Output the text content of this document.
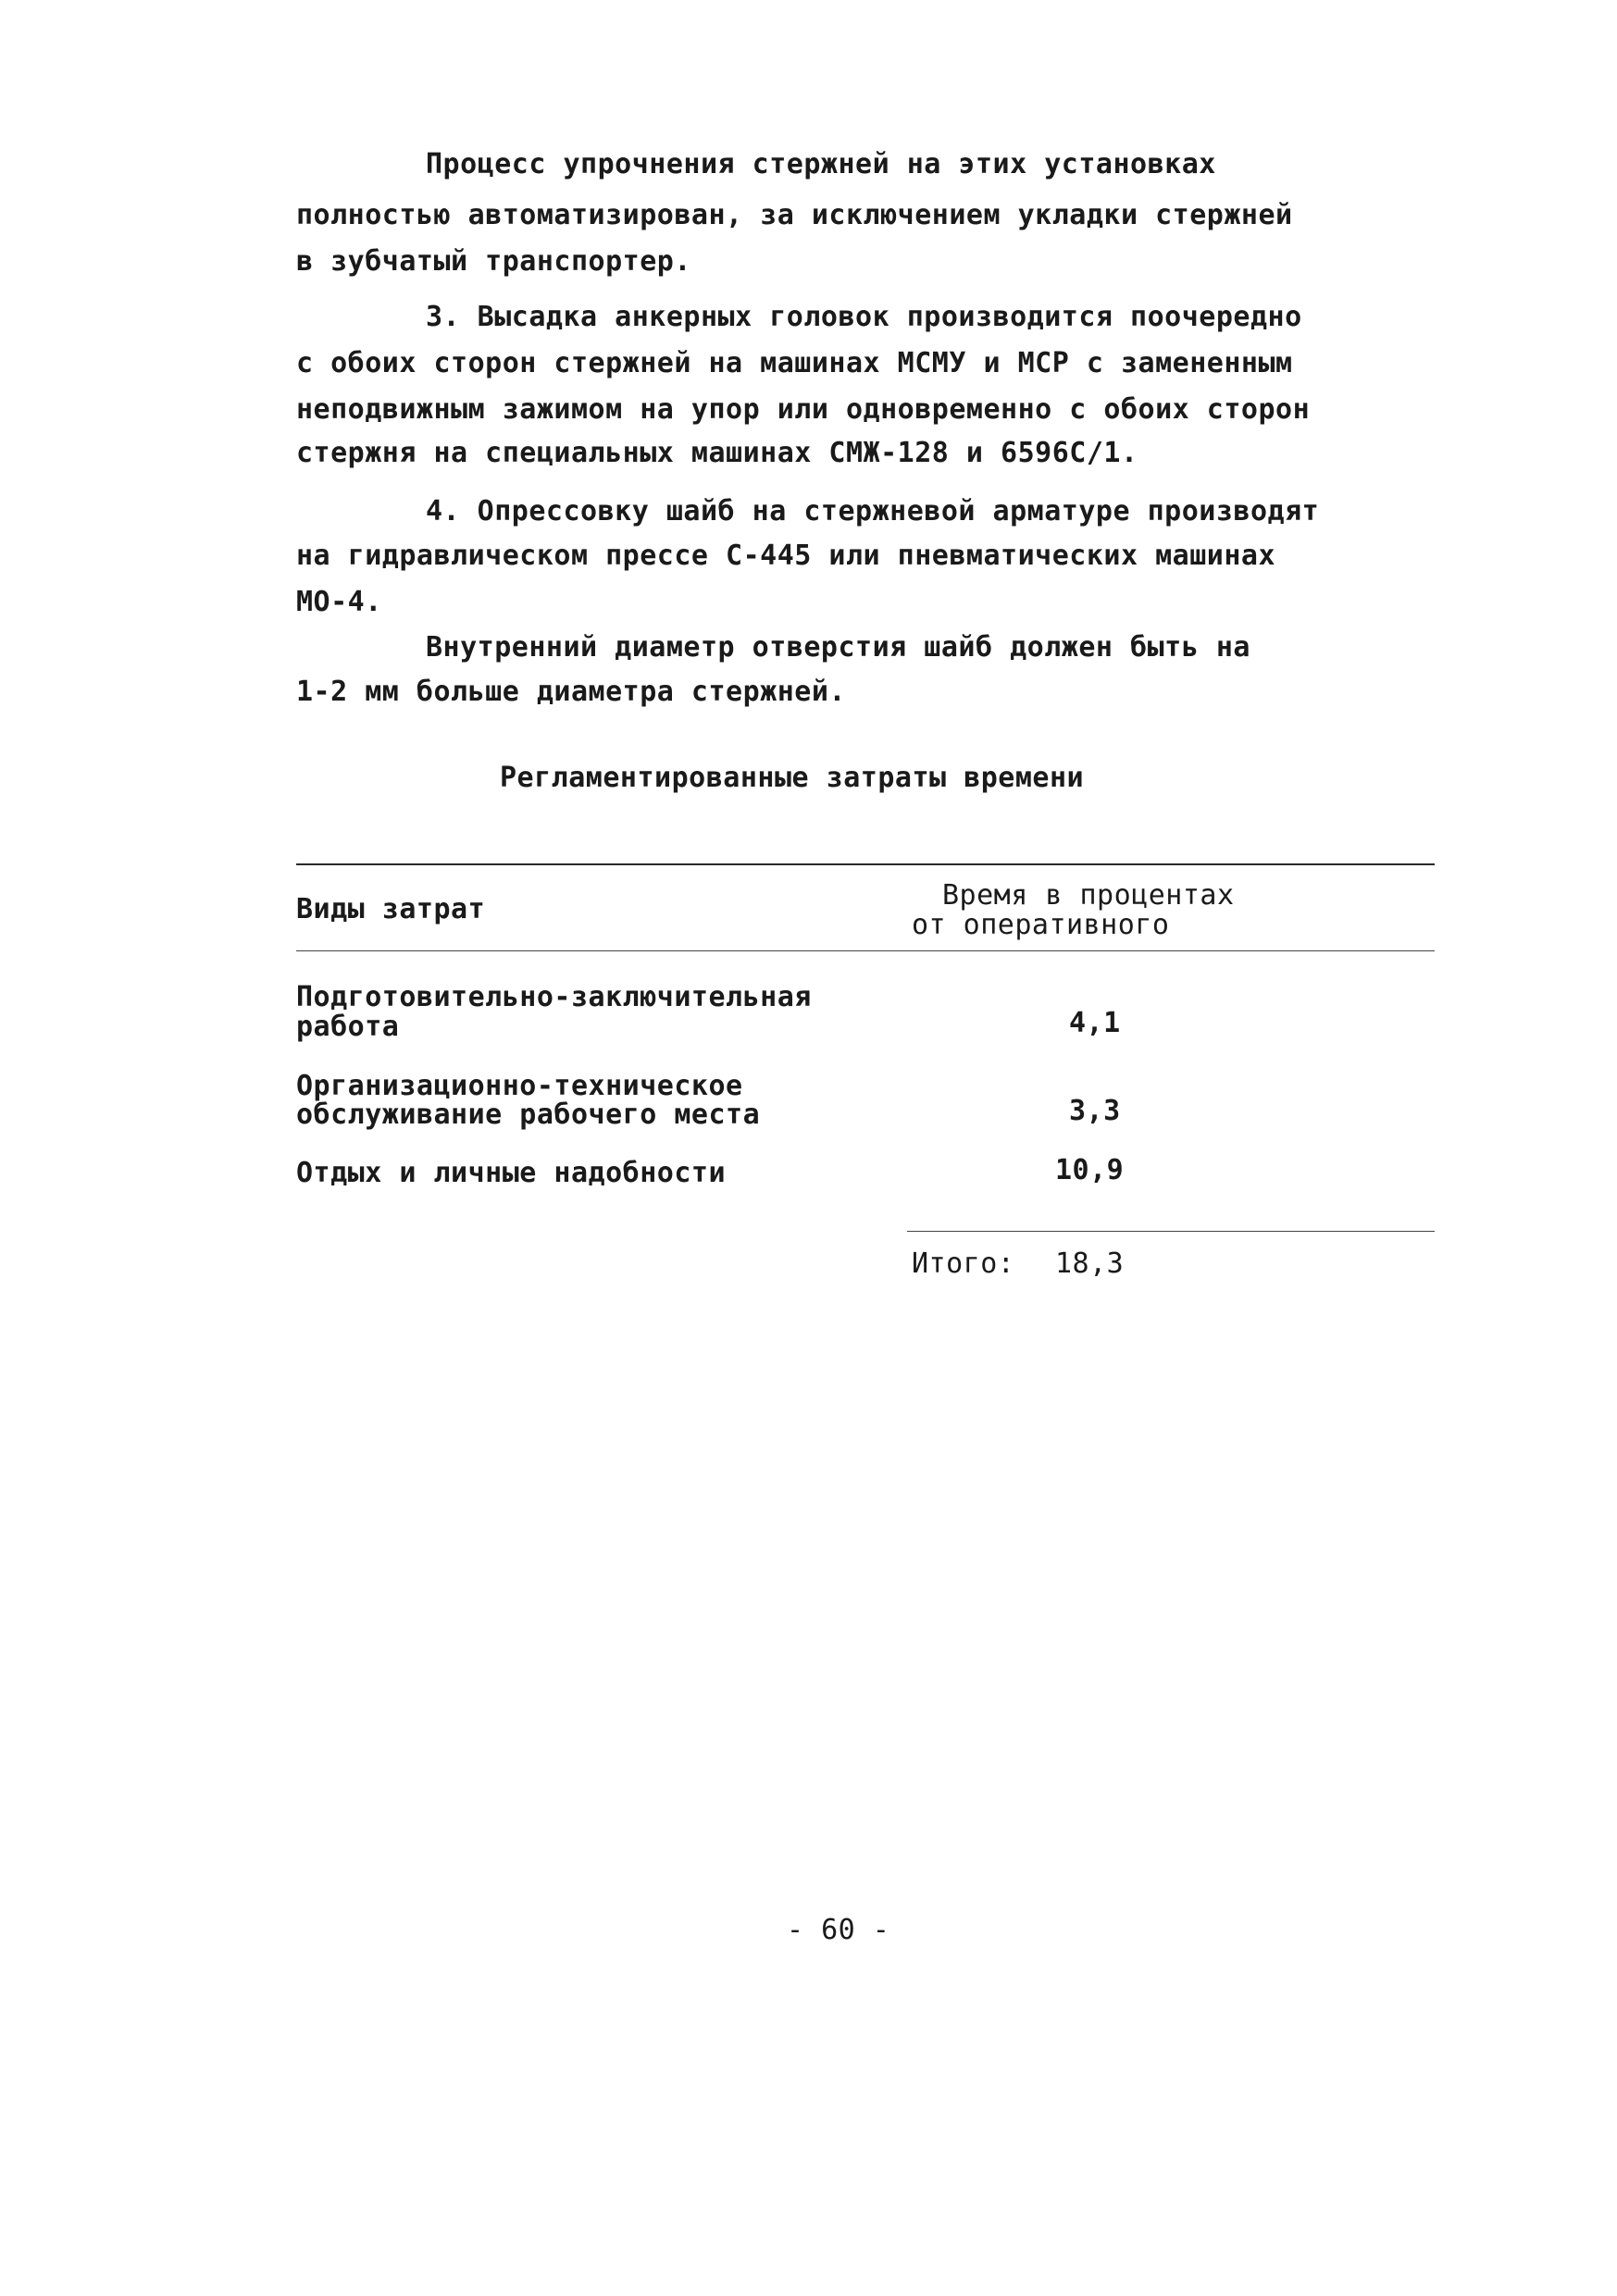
Процесс упрочнения стержней на этих установках
полностью автоматизирован, за исключением укладки стержней
в зубчатый транспортер.
3. Высадка анкерных головок производится поочередно
с обоих сторон стержней на машинах МСМУ и МСР с замененным
неподвижным зажимом на упор или одновременно с обоих сторон
стержня на специальных машинах СМЖ-128 и 6596С/1.
4. Опрессовку шайб на стержневой арматуре производят
на гидравлическом прессе С-445 или пневматических машинах
МО-4.
Внутренний диаметр отверстия шайб должен быть на
1-2 мм больше диаметра стержней.
Регламентированные затраты времени
Виды затрат	Время в процентах
от оперативного
Подготовительно-заключительная
работа	4,1
Организационно-техническое
обслуживание рабочего места	3,3
Отдых и личные надобности	10,9
Итого: 18,3
- 60 -
